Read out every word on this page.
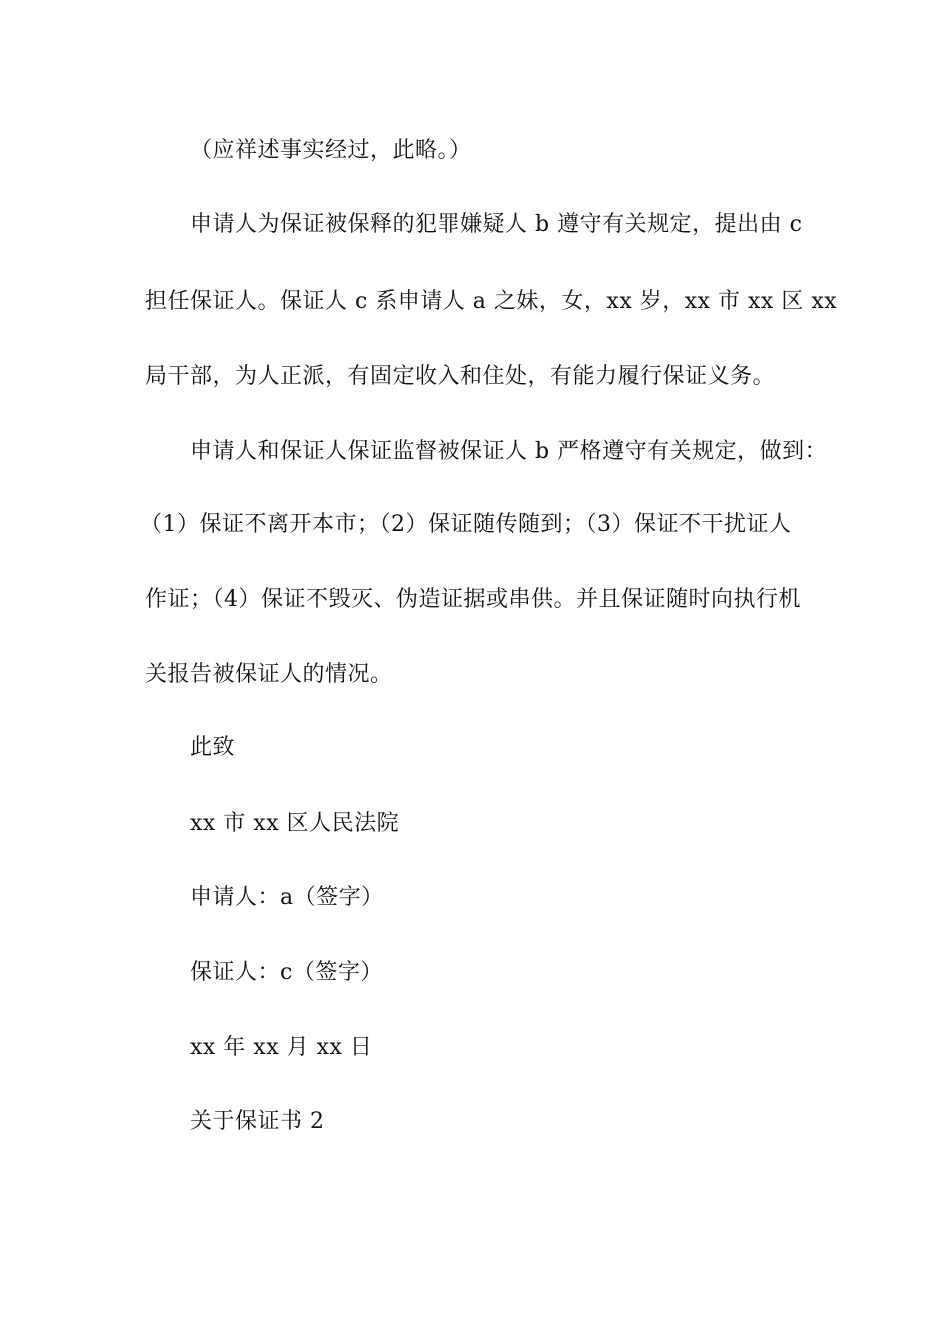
（应祥述事实经过，此略。）
申请人为保证被保释的犯罪嫌疑人 b 遵守有关规定，提出由 c
担任保证人。保证人 c 系申请人 a 之妹，女，xx 岁，xx 市 xx 区 xx
局干部，为人正派，有固定收入和住处，有能力履行保证义务。
申请人和保证人保证监督被保证人 b 严格遵守有关规定，做到：
（1）保证不离开本市；（2）保证随传随到；（3）保证不干扰证人
作证；（4）保证不毁灭、伪造证据或串供。并且保证随时向执行机
关报告被保证人的情况。
此致
xx 市 xx 区人民法院
申请人：a（签字）
保证人：c（签字）
xx 年 xx 月 xx 日
关于保证书 2
